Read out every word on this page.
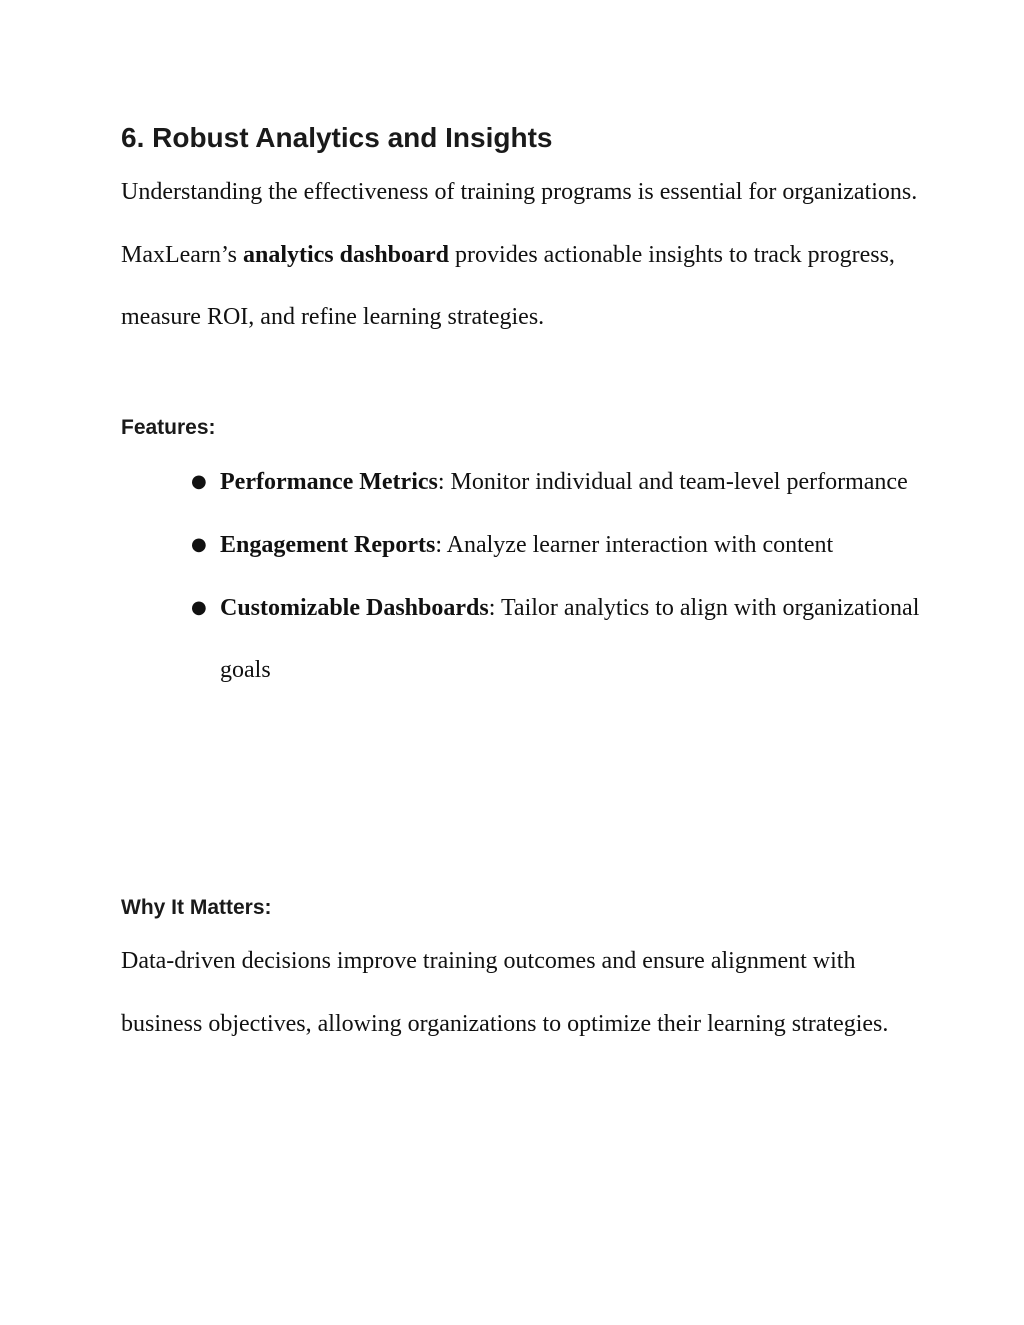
6. Robust Analytics and Insights

Understanding the effectiveness of training programs is essential for organizations. MaxLearn’s analytics dashboard provides actionable insights to track progress, measure ROI, and refine learning strategies.

Features:
● Performance Metrics: Monitor individual and team-level performance
● Engagement Reports: Analyze learner interaction with content
● Customizable Dashboards: Tailor analytics to align with organizational goals
Why It Matters:

Data-driven decisions improve training outcomes and ensure alignment with business objectives, allowing organizations to optimize their learning strategies.
